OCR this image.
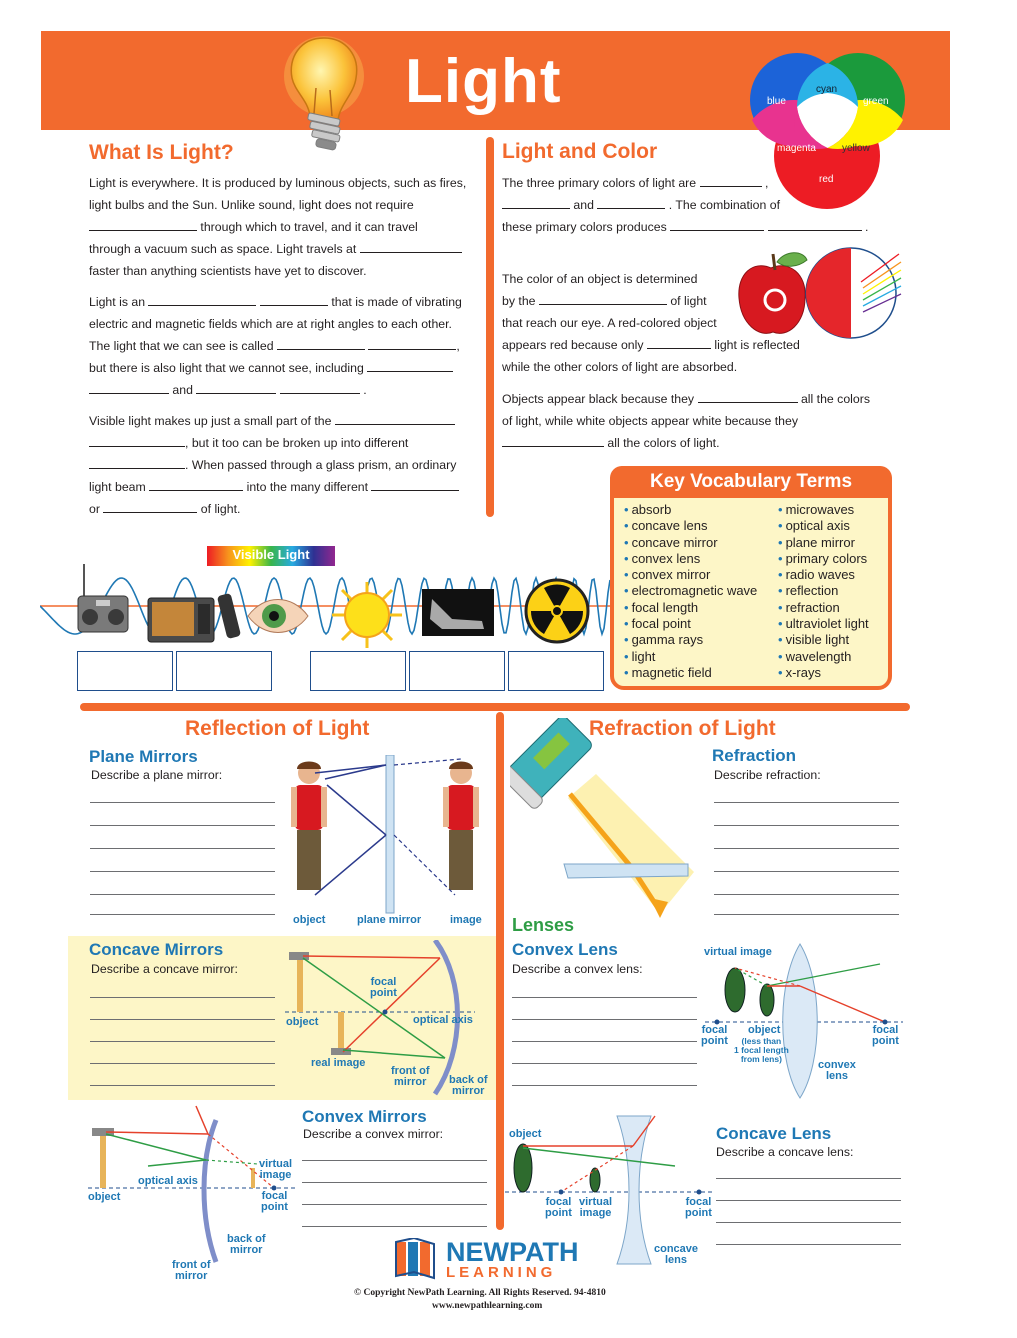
Light	blue
cyan
green
magenta	yellow
red
What Is Light?
Light is everywhere. It is produced by luminous objects, such as fires,
light bulbs and the Sun. Unlike sound, light does not require
through which to travel, and it can travel
through a vacuum such as space. Light travels at
faster than anything scientists have yet to discover.
Light is an	that is made of vibrating
electric and magnetic fields which are at right angles to each other.
The light that we can see is called	,
but there is also light that we cannot see, including
and	.
Visible light makes up just a small part of the
, but it too can be broken up into different
. When passed through a glass prism, an ordinary
light beam	into the many different
or	of light.
Light and Color
The three primary colors of light are	,
and	. The combination of
these primary colors produces	.
The color of an object is determined
by the	of light
that reach our eye. A red-colored object
appears red because only	light is reflected
while the other colors of light are absorbed.
Objects appear black because they	all the colors
of light, while white objects appear white because they
all the colors of light.
Key Vocabulary Terms
• absorb
• concave lens
• concave mirror
• convex lens
• convex mirror
• electromagnetic wave
• focal length
• focal point
• gamma rays
• light
• magnetic field
• microwaves
• optical axis
• plane mirror
• primary colors
• radio waves
• reflection
• refraction
• ultraviolet light
• visible light
• wavelength
• x-rays
Visible Light
Reflection of Light
Plane Mirrors
Describe a plane mirror:
object	plane mirror	image
Concave Mirrors
Describe a concave mirror:
focal
point
object	optical axis
real image
front of
mirror back of
mirror
Convex Mirrors
Describe a convex mirror:
virtual
image
optical axis
object	focal
point
back of
mirror
front of
mirror
Refraction of Light
Refraction
Describe refraction:
Lenses
Convex Lens
Describe a convex lens:
virtual image
focal
point
object
(less than
1 focal length
from lens)	convex
lens
focal
point
Concave Lens
Describe a concave lens:
object
focal
point
virtual
image
focal
point
concave
lens
NEWPATH
LEARNING
© Copyright NewPath Learning. All Rights Reserved. 94-4810
www.newpathlearning.com
